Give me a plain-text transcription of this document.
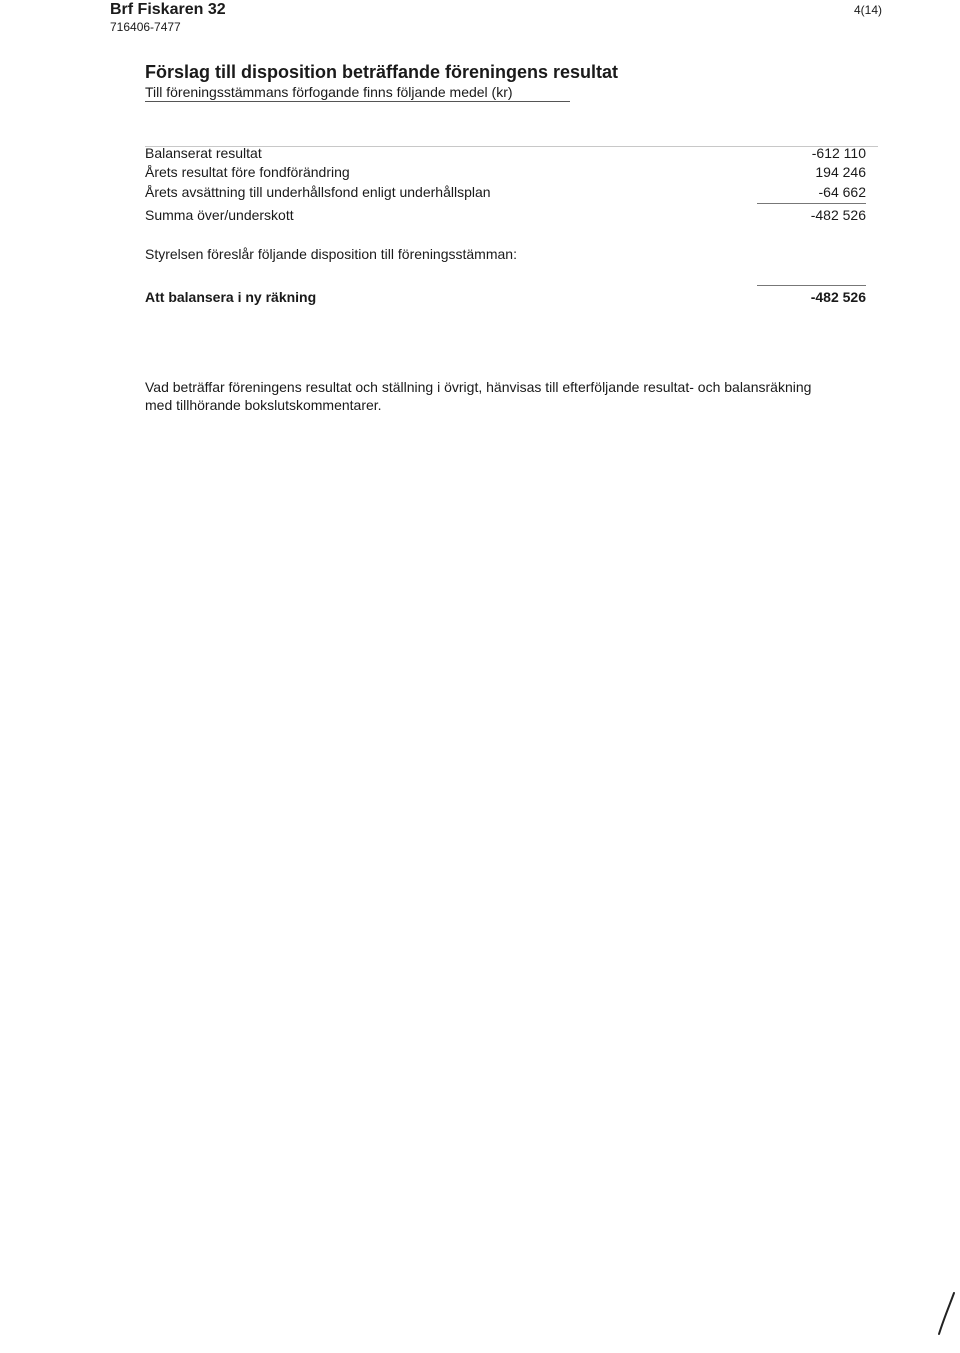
Brf Fiskaren 32
716406-7477
4(14)
Förslag till disposition beträffande föreningens resultat
Till föreningsstämmans förfogande finns följande medel (kr)
Balanserat resultat	-612 110
Årets resultat före fondförändring	194 246
Årets avsättning till underhållsfond enligt underhållsplan	-64 662
Summa över/underskott	-482 526
Styrelsen föreslår följande disposition till föreningsstämman:
Att balansera i ny räkning	-482 526
Vad beträffar föreningens resultat och ställning i övrigt, hänvisas till efterföljande resultat- och balansräkning med tillhörande bokslutskommentarer.
